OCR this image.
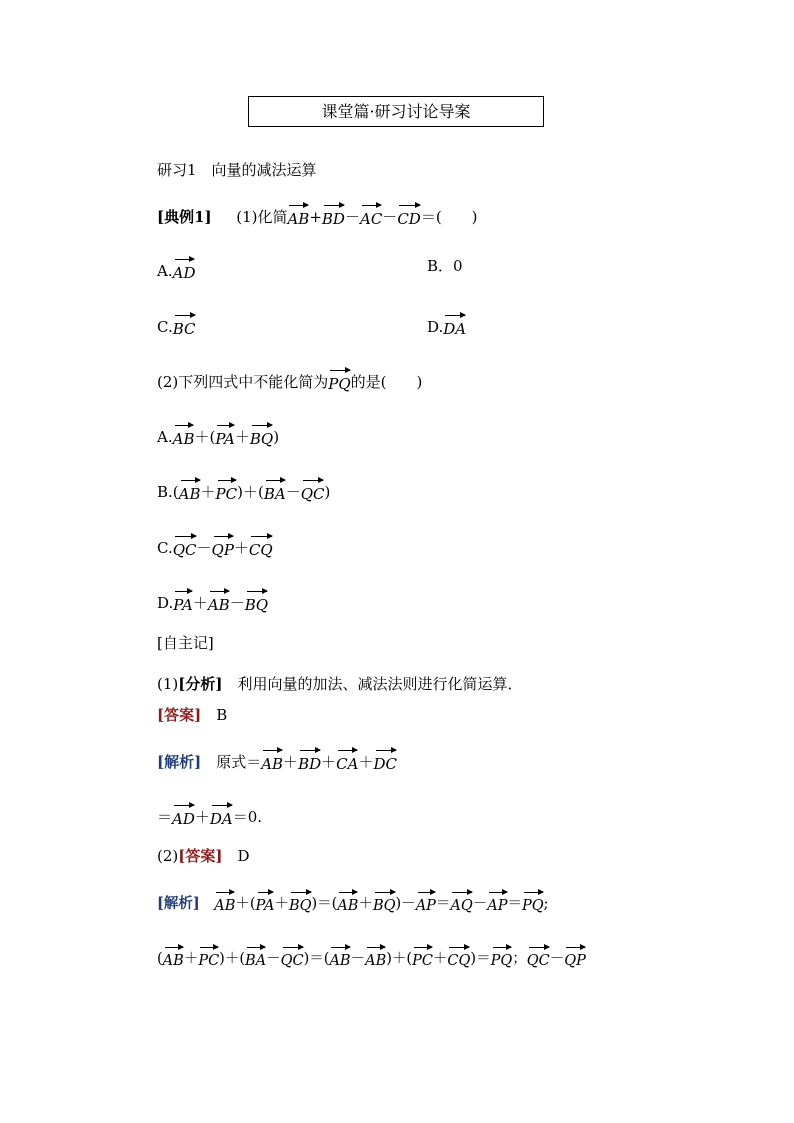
课堂篇·研习讨论导案
研习1　向量的减法运算
[典例1] 　 (1)化简AB+BD－AC－CD＝(　　)
A.AD	B．0
C.BC	D.DA
(2)下列四式中不能化简为PQ的是(　　)
A.AB＋(PA＋BQ)
B.(AB＋PC)＋(BA－QC)
C.QC－QP＋CQ
D.PA＋AB－BQ
[自主记]
(1)[分析]　利用向量的加法、减法法则进行化简运算．
[答案]　B
[解析]　原式＝AB＋BD＋CA＋DC
＝AD＋DA＝0.
(2)[答案]　D
[解析]　 AB＋(PA＋BQ)＝(AB＋BQ)－AP＝AQ－AP＝PQ;
(AB＋PC)＋(BA－QC)＝(AB－AB)＋(PC＋CQ)＝PQ；QC－QP
